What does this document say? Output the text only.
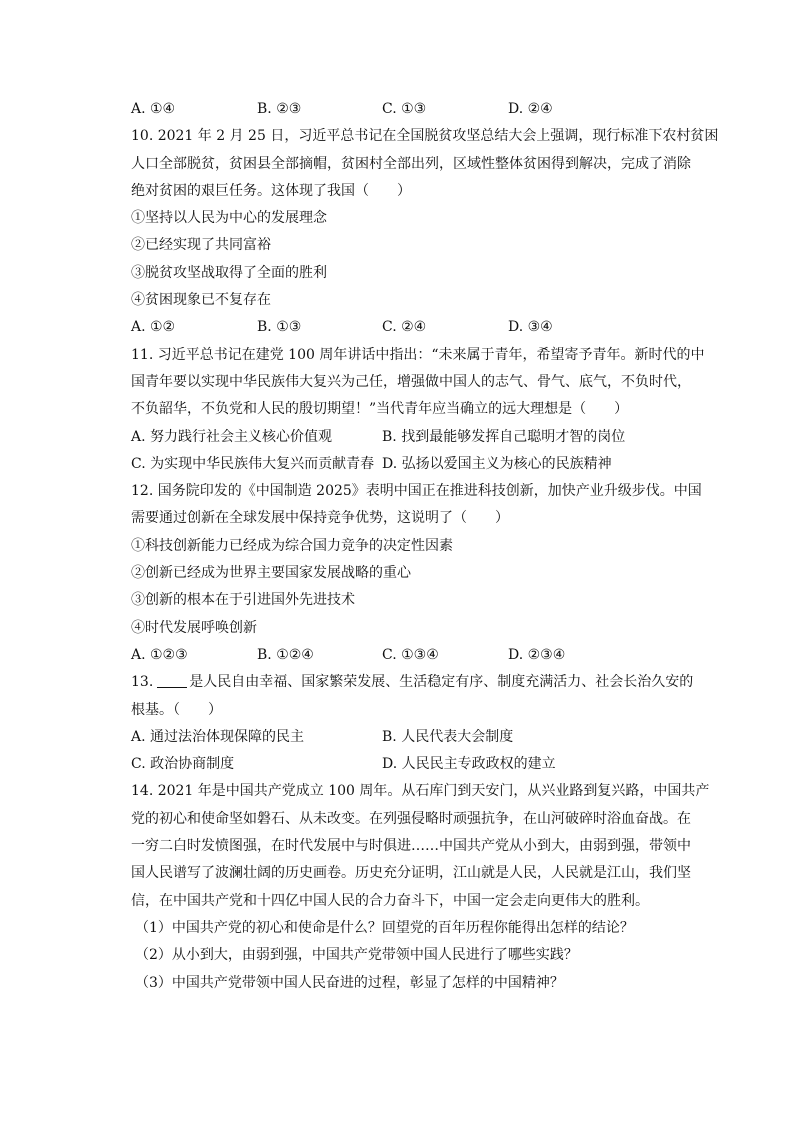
A. ①④	B. ②③	C. ①③	D. ②④
10. 2021 年 2 月 25 日，习近平总书记在全国脱贫攻坚总结大会上强调，现行标准下农村贫困
人口全部脱贫，贫困县全部摘帽，贫困村全部出列，区域性整体贫困得到解决，完成了消除
绝对贫困的艰巨任务。这体现了我国（　　）
①坚持以人民为中心的发展理念
②已经实现了共同富裕
③脱贫攻坚战取得了全面的胜利
④贫困现象已不复存在
A. ①②	B. ①③	C. ②④	D. ③④
11. 习近平总书记在建党 100 周年讲话中指出：“未来属于青年，希望寄予青年。新时代的中
国青年要以实现中华民族伟大复兴为己任，增强做中国人的志气、骨气、底气，不负时代，
不负韶华，不负党和人民的殷切期望！”当代青年应当确立的远大理想是（　　）
A. 努力践行社会主义核心价值观	B. 找到最能够发挥自己聪明才智的岗位
C. 为实现中华民族伟大复兴而贡献青春 D. 弘扬以爱国主义为核心的民族精神
12. 国务院印发的《中国制造 2025》表明中国正在推进科技创新，加快产业升级步伐。中国
需要通过创新在全球发展中保持竞争优势，这说明了（　　）
①科技创新能力已经成为综合国力竞争的决定性因素
②创新已经成为世界主要国家发展战略的重心
③创新的根本在于引进国外先进技术
④时代发展呼唤创新
A. ①②③	B. ①②④	C. ①③④	D. ②③④
13.	是人民自由幸福、国家繁荣发展、生活稳定有序、制度充满活力、社会长治久安的
根基。（　　）
A. 通过法治体现保障的民主	B. 人民代表大会制度
C. 政治协商制度	D. 人民民主专政政权的建立
14. 2021 年是中国共产党成立 100 周年。从石库门到天安门，从兴业路到复兴路，中国共产
党的初心和使命坚如磐石、从未改变。在列强侵略时顽强抗争，在山河破碎时浴血奋战。在
一穷二白时发愤图强，在时代发展中与时俱进……中国共产党从小到大，由弱到强，带领中
国人民谱写了波澜壮阔的历史画卷。历史充分证明，江山就是人民，人民就是江山，我们坚
信，在中国共产党和十四亿中国人民的合力奋斗下，中国一定会走向更伟大的胜利。
（1）中国共产党的初心和使命是什么？回望党的百年历程你能得出怎样的结论？
（2）从小到大，由弱到强，中国共产党带领中国人民进行了哪些实践？
（3）中国共产党带领中国人民奋进的过程，彰显了怎样的中国精神？
